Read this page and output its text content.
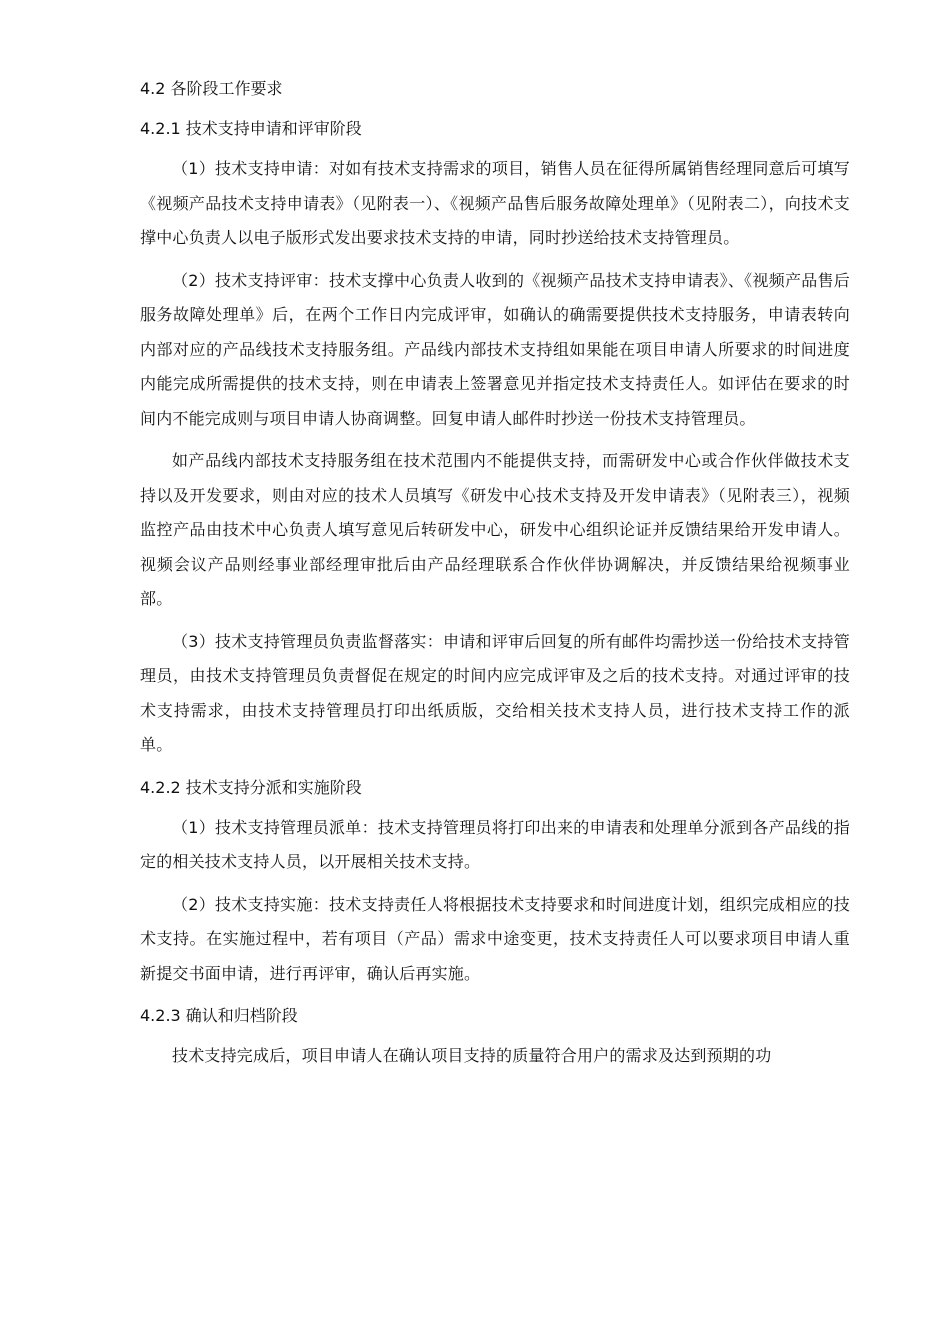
4.2 各阶段工作要求
4.2.1 技术支持申请和评审阶段

（1）技术支持申请：对如有技术支持需求的项目，销售人员在征得所属销售经理同意后可填写《视频产品技术支持申请表》（见附表一）、《视频产品售后服务故障处理单》（见附表二），向技术支撑中心负责人以电子版形式发出要求技术支持的申请，同时抄送给技术支持管理员。

（2）技术支持评审：技术支撑中心负责人收到的《视频产品技术支持申请表》、《视频产品售后服务故障处理单》后，在两个工作日内完成评审，如确认的确需要提供技术支持服务，申请表转向内部对应的产品线技术支持服务组。产品线内部技术支持组如果能在项目申请人所要求的时间进度内能完成所需提供的技术支持，则在申请表上签署意见并指定技术支持责任人。如评估在要求的时间内不能完成则与项目申请人协商调整。回复申请人邮件时抄送一份技术支持管理员。

如产品线内部技术支持服务组在技术范围内不能提供支持，而需研发中心或合作伙伴做技术支持以及开发要求，则由对应的技术人员填写《研发中心技术支持及开发申请表》（见附表三），视频监控产品由技术中心负责人填写意见后转研发中心，研发中心组织论证并反馈结果给开发申请人。视频会议产品则经事业部经理审批后由产品经理联系合作伙伴协调解决，并反馈结果给视频事业部。

（3）技术支持管理员负责监督落实：申请和评审后回复的所有邮件均需抄送一份给技术支持管理员，由技术支持管理员负责督促在规定的时间内应完成评审及之后的技术支持。对通过评审的技术支持需求，由技术支持管理员打印出纸质版，交给相关技术支持人员，进行技术支持工作的派单。

4.2.2 技术支持分派和实施阶段

（1）技术支持管理员派单：技术支持管理员将打印出来的申请表和处理单分派到各产品线的指定的相关技术支持人员，以开展相关技术支持。

（2）技术支持实施：技术支持责任人将根据技术支持要求和时间进度计划，组织完成相应的技术支持。在实施过程中，若有项目（产品）需求中途变更，技术支持责任人可以要求项目申请人重新提交书面申请，进行再评审，确认后再实施。

4.2.3 确认和归档阶段

技术支持完成后，项目申请人在确认项目支持的质量符合用户的需求及达到预期的功
